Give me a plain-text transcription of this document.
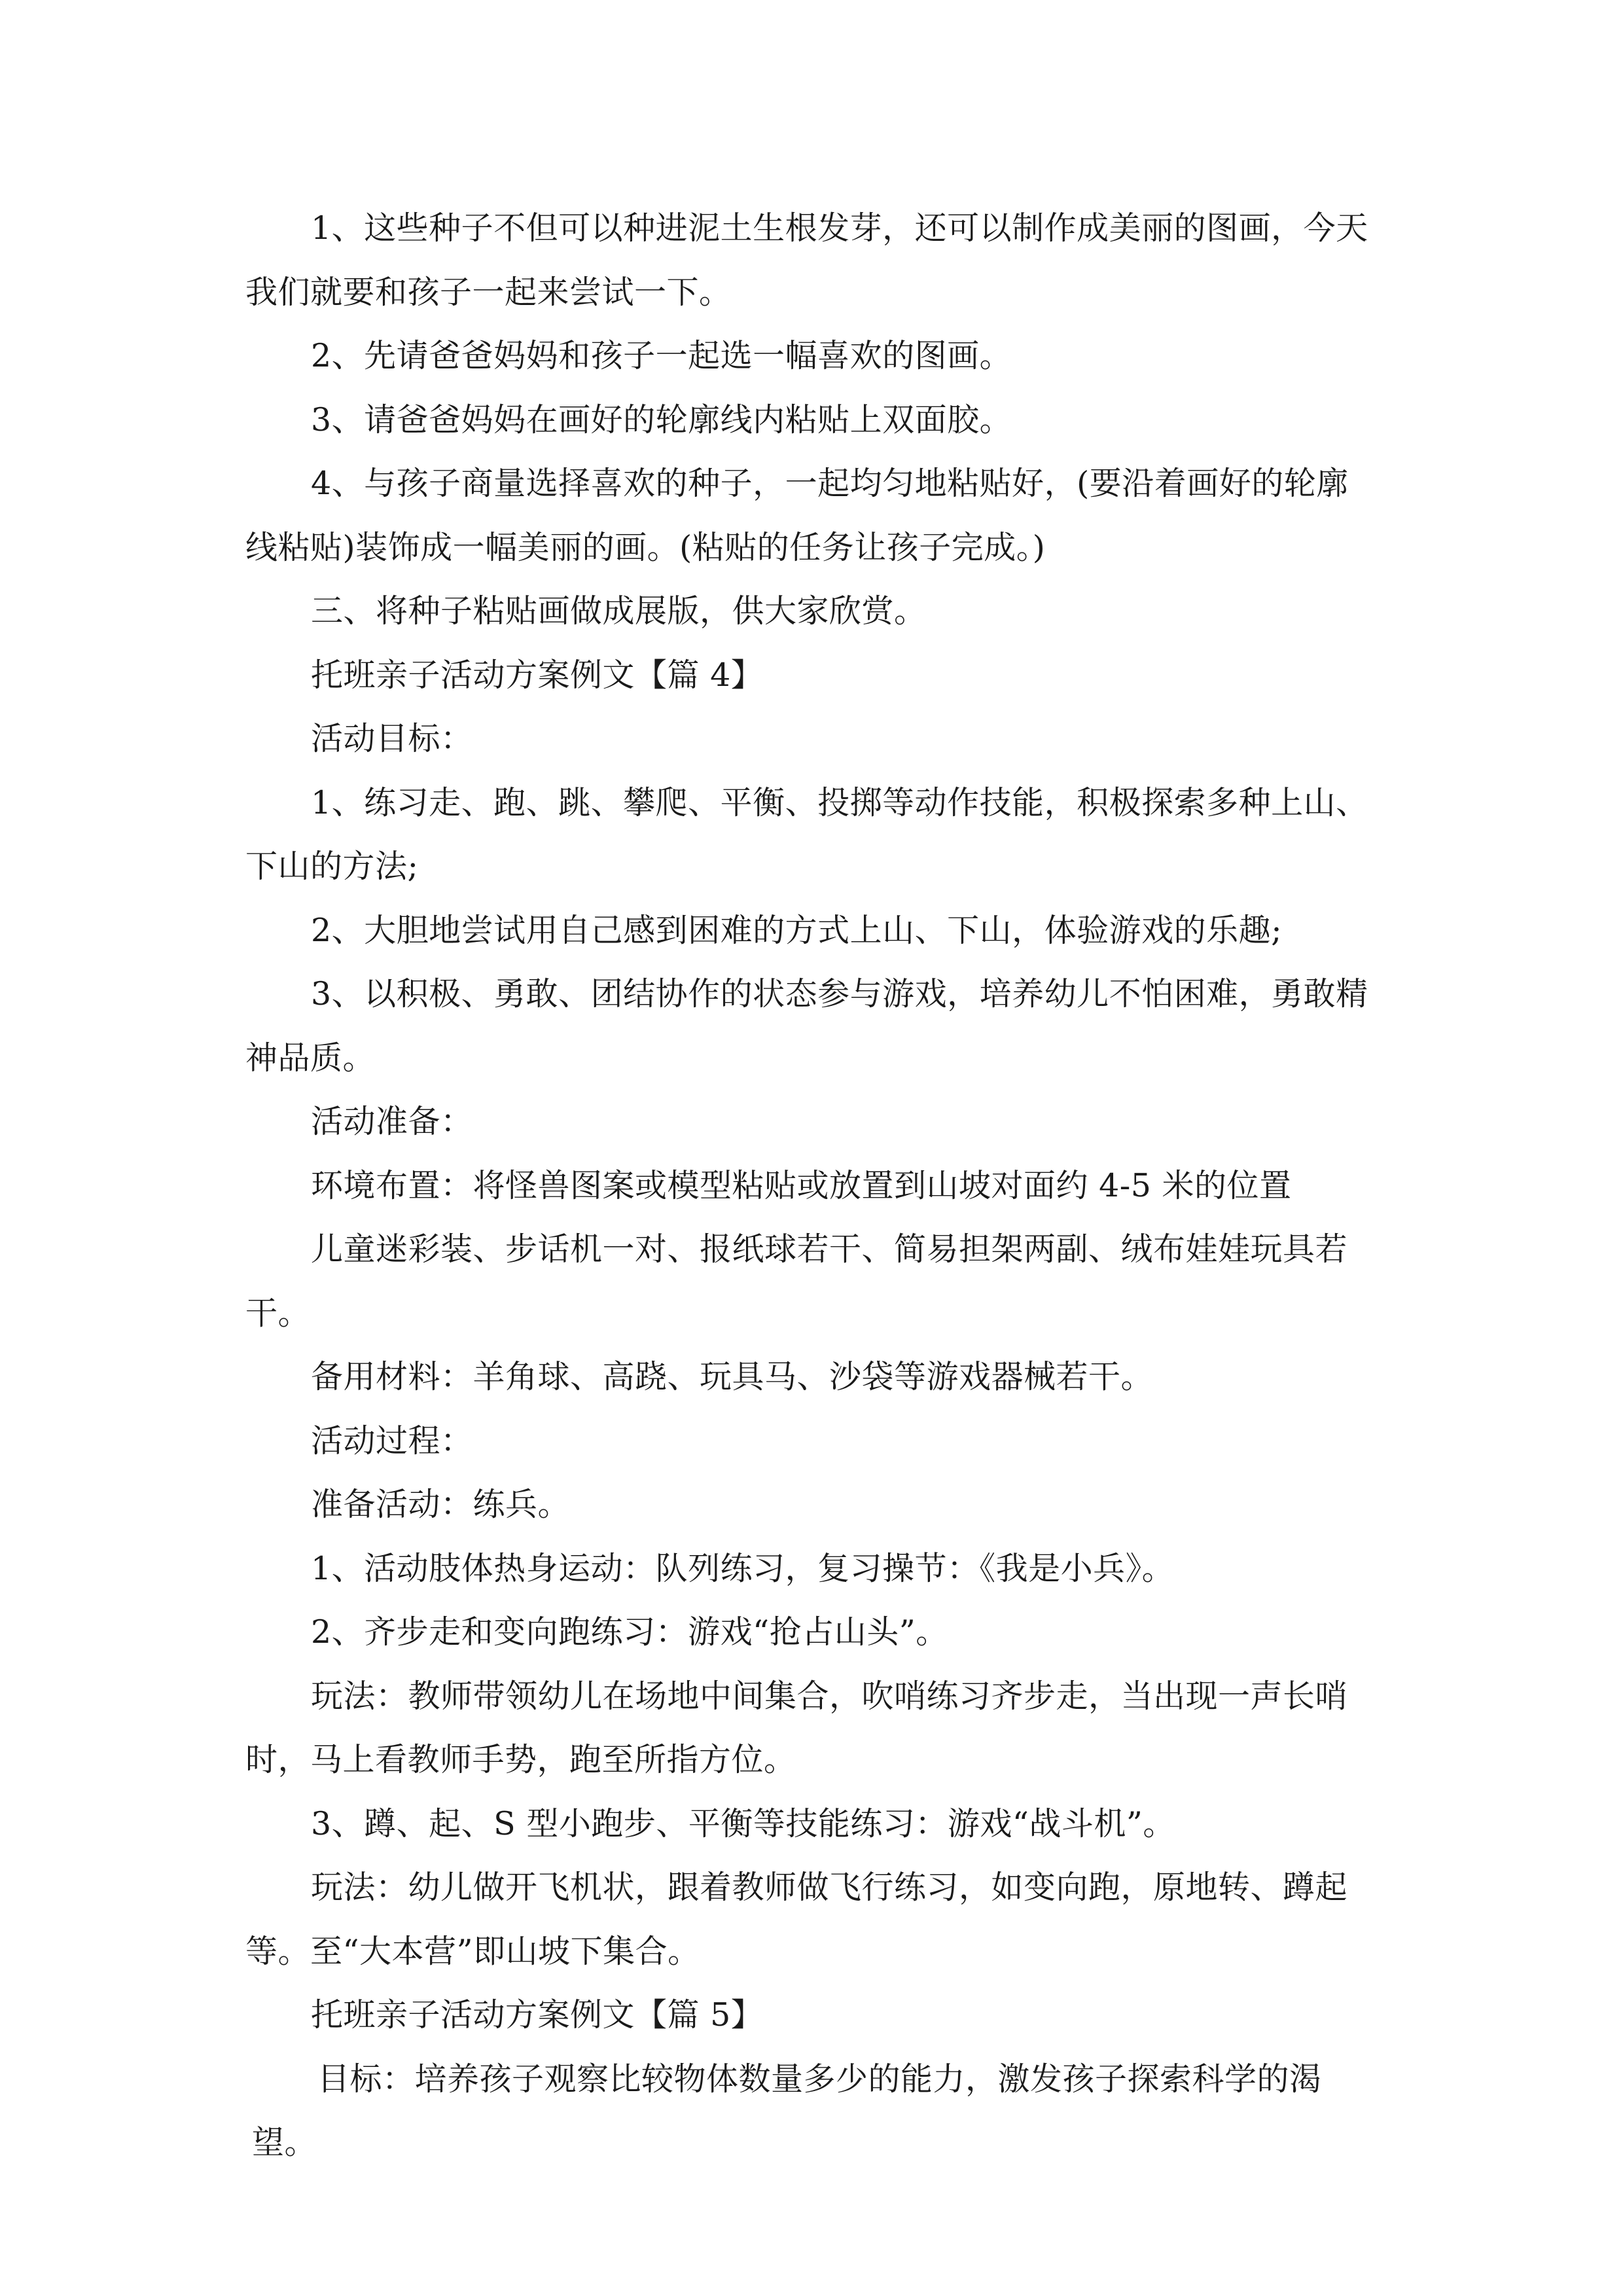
1、这些种子不但可以种进泥土生根发芽，还可以制作成美丽的图画，今天我们就要和孩子一起来尝试一下。

2、先请爸爸妈妈和孩子一起选一幅喜欢的图画。

3、请爸爸妈妈在画好的轮廓线内粘贴上双面胶。

4、与孩子商量选择喜欢的种子，一起均匀地粘贴好，(要沿着画好的轮廓线粘贴)装饰成一幅美丽的画。(粘贴的任务让孩子完成。)

三、将种子粘贴画做成展版，供大家欣赏。

托班亲子活动方案例文【篇 4】

活动目标：

1、练习走、跑、跳、攀爬、平衡、投掷等动作技能，积极探索多种上山、下山的方法;

2、大胆地尝试用自己感到困难的方式上山、下山，体验游戏的乐趣;

3、以积极、勇敢、团结协作的状态参与游戏，培养幼儿不怕困难，勇敢精神品质。

活动准备：

环境布置：将怪兽图案或模型粘贴或放置到山坡对面约 4-5 米的位置

儿童迷彩装、步话机一对、报纸球若干、简易担架两副、绒布娃娃玩具若干。

备用材料：羊角球、高跷、玩具马、沙袋等游戏器械若干。

活动过程：

准备活动：练兵。

1、活动肢体热身运动：队列练习，复习操节：《我是小兵》。

2、齐步走和变向跑练习：游戏“抢占山头”。

玩法：教师带领幼儿在场地中间集合，吹哨练习齐步走，当出现一声长哨时，马上看教师手势，跑至所指方位。

3、蹲、起、S 型小跑步、平衡等技能练习：游戏“战斗机”。

玩法：幼儿做开飞机状，跟着教师做飞行练习，如变向跑，原地转、蹲起等。至“大本营”即山坡下集合。

托班亲子活动方案例文【篇 5】

目标：培养孩子观察比较物体数量多少的能力，激发孩子探索科学的渴望。
